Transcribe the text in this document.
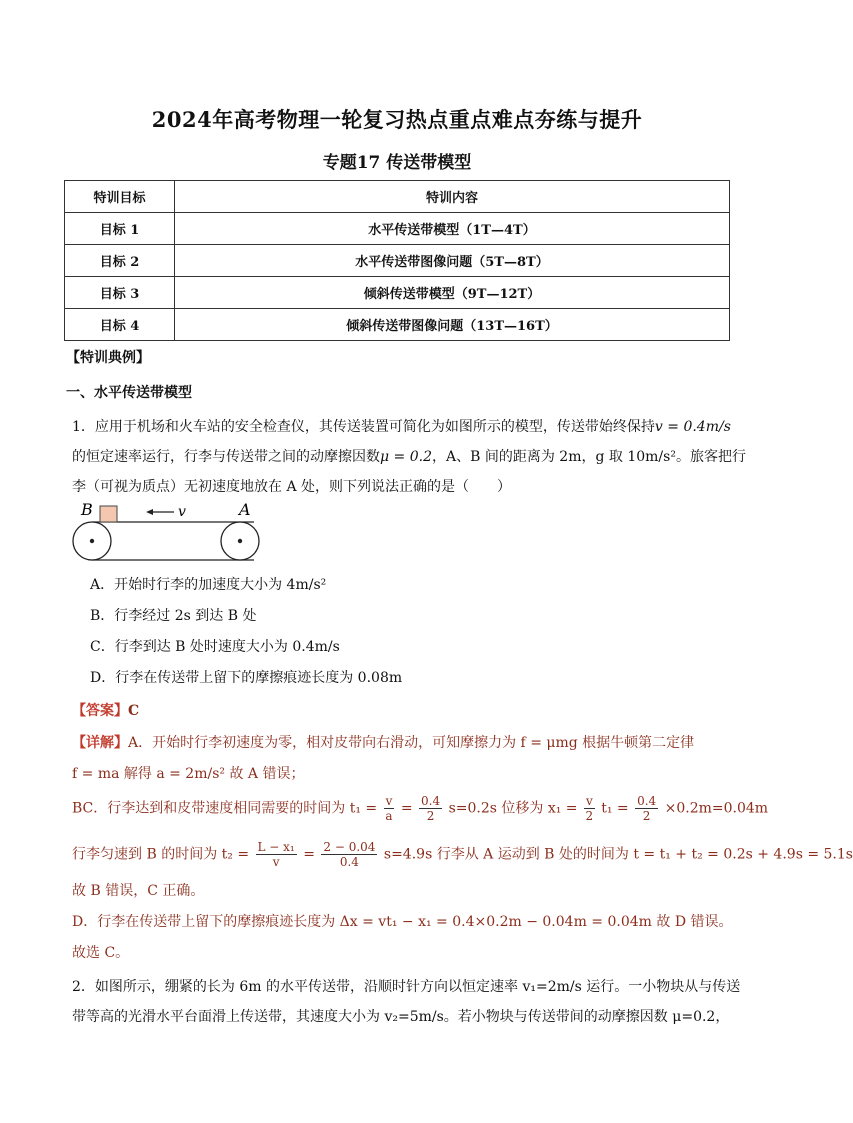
2024年高考物理一轮复习热点重点难点夯练与提升
专题17 传送带模型
特训目标	特训内容
目标 1	水平传送带模型（1T—4T）
目标 2	水平传送带图像问题（5T—8T）
目标 3	倾斜传送带模型（9T—12T）
目标 4	倾斜传送带图像问题（13T—16T）
【特训典例】
一、水平传送带模型
1．应用于机场和火车站的安全检查仪，其传送装置可简化为如图所示的模型，传送带始终保持v = 0.4m/s
的恒定速率运行，行李与传送带之间的动摩擦因数μ = 0.2，A、B 间的距离为 2m，g 取 10m/s²。旅客把行
李（可视为质点）无初速度地放在 A 处，则下列说法正确的是（　　）
v
B	A
A．开始时行李的加速度大小为 4m/s²
B．行李经过 2s 到达 B 处
C．行李到达 B 处时速度大小为 0.4m/s
D．行李在传送带上留下的摩擦痕迹长度为 0.08m
【答案】C
【详解】A．开始时行李初速度为零，相对皮带向右滑动，可知摩擦力为 f = μmg 根据牛顿第二定律
f = ma 解得 a = 2m/s² 故 A 错误；
BC．行李达到和皮带速度相同需要的时间为 $t_1 = \frac{v}{a} = \frac{0.4}{2} s=0.2s$ 位移为 $x_1 = \frac{v}{2} t_1 = \frac{0.4}{2} \times 0.2m=0.04m$
行李匀速到 B 的时间为 $t_2 = \frac{\text{L − x₁}}{v} = \frac{2 - 0.04}{0.4} s=4.9s$ 行李从 A 运动到 B 处的时间为 t = t₁ + t₂ = 0.2s + 4.9s = 5.1s
故 B 错误，C 正确。
D．行李在传送带上留下的摩擦痕迹长度为 Δx = vt₁ − x₁ = 0.4×0.2m − 0.04m = 0.04m 故 D 错误。
故选 C。
2．如图所示，绷紧的长为 6m 的水平传送带，沿顺时针方向以恒定速率 v₁=2m/s 运行。一小物块从与传送
带等高的光滑水平台面滑上传送带，其速度大小为 v₂=5m/s。若小物块与传送带间的动摩擦因数 μ=0.2，
